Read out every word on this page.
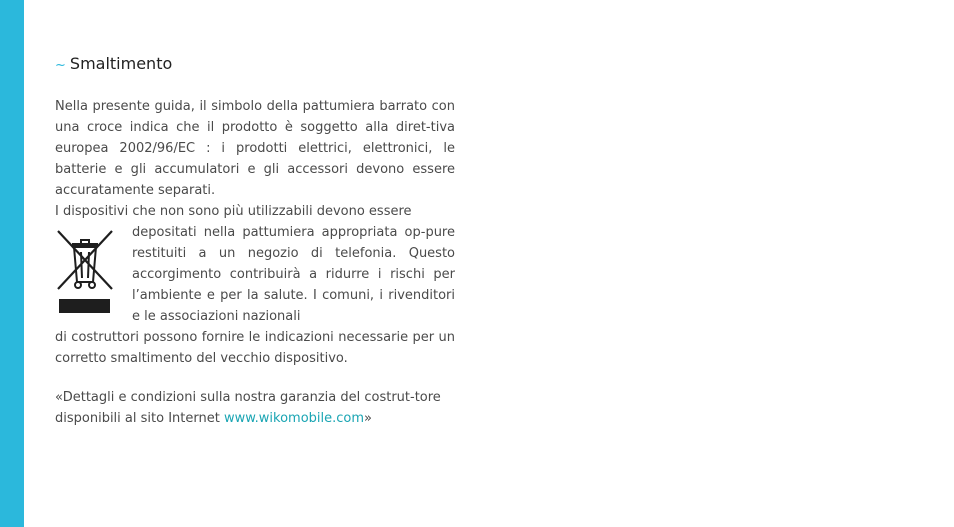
~ Smaltimento

Nella presente guida, il simbolo della pattumiera barrato con una croce indica che il prodotto è soggetto alla diret-tiva europea 2002/96/EC : i prodotti elettrici, elettronici, le batterie e gli accumulatori e gli accessori devono essere accuratamente separati.

I dispositivi che non sono più utilizzabili devono essere

depositati nella pattumiera appropriata op-pure restituiti a un negozio di telefonia. Questo accorgimento contribuirà a ridurre i rischi per l’ambiente e per la salute. I comuni, i rivenditori e le associazioni nazionali

di costruttori possono fornire le indicazioni necessarie per un corretto smaltimento del vecchio dispositivo.

«Dettagli e condizioni sulla nostra garanzia del costrut-tore disponibili al sito Internet www.wikomobile.com»
